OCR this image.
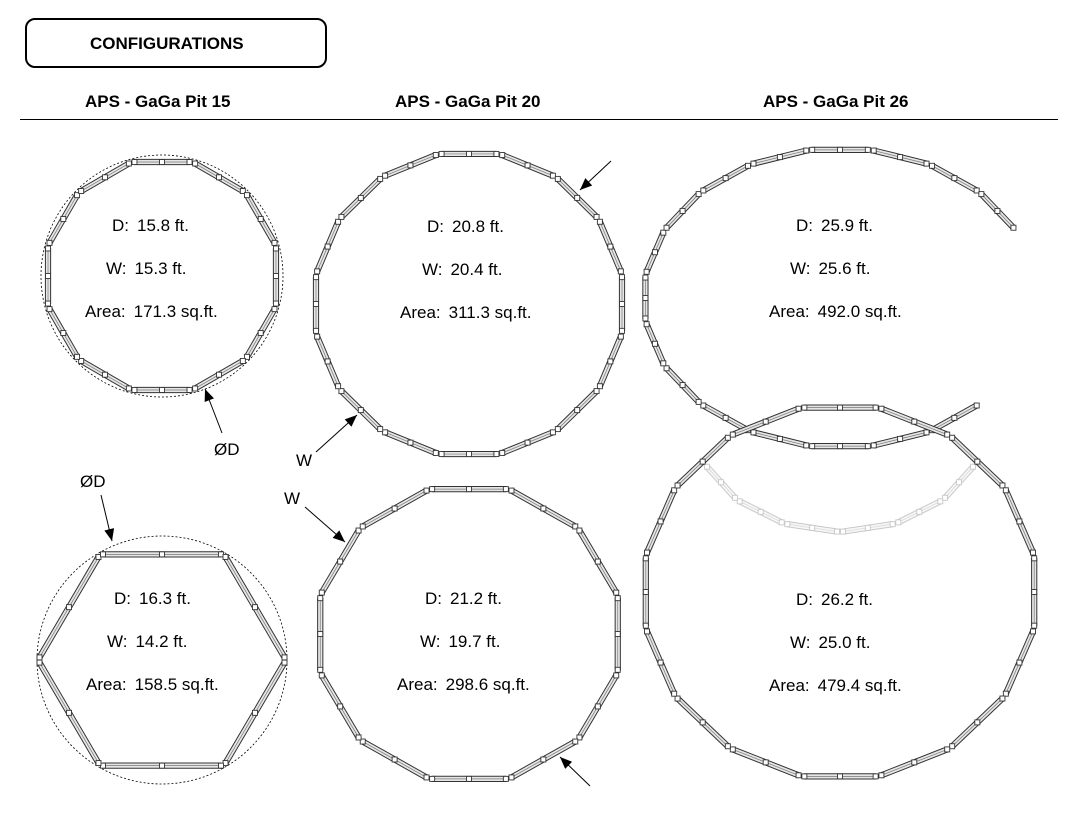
CONFIGURATIONS
APS - GaGa Pit 15	APS - GaGa Pit 20	APS - GaGa Pit 26
D: 15.8 ft.
W: 15.3 ft.
Area: 171.3 sq.ft.
D: 20.8 ft.
W: 20.4 ft.
Area: 311.3 sq.ft.
D: 25.9 ft.
W: 25.6 ft.
Area: 492.0 sq.ft.
D: 16.3 ft.
W: 14.2 ft.
Area: 158.5 sq.ft.
D: 21.2 ft.
W: 19.7 ft.
Area: 298.6 sq.ft.
D: 26.2 ft.
W: 25.0 ft.
Area: 479.4 sq.ft.
ØD
ØD
W
W
